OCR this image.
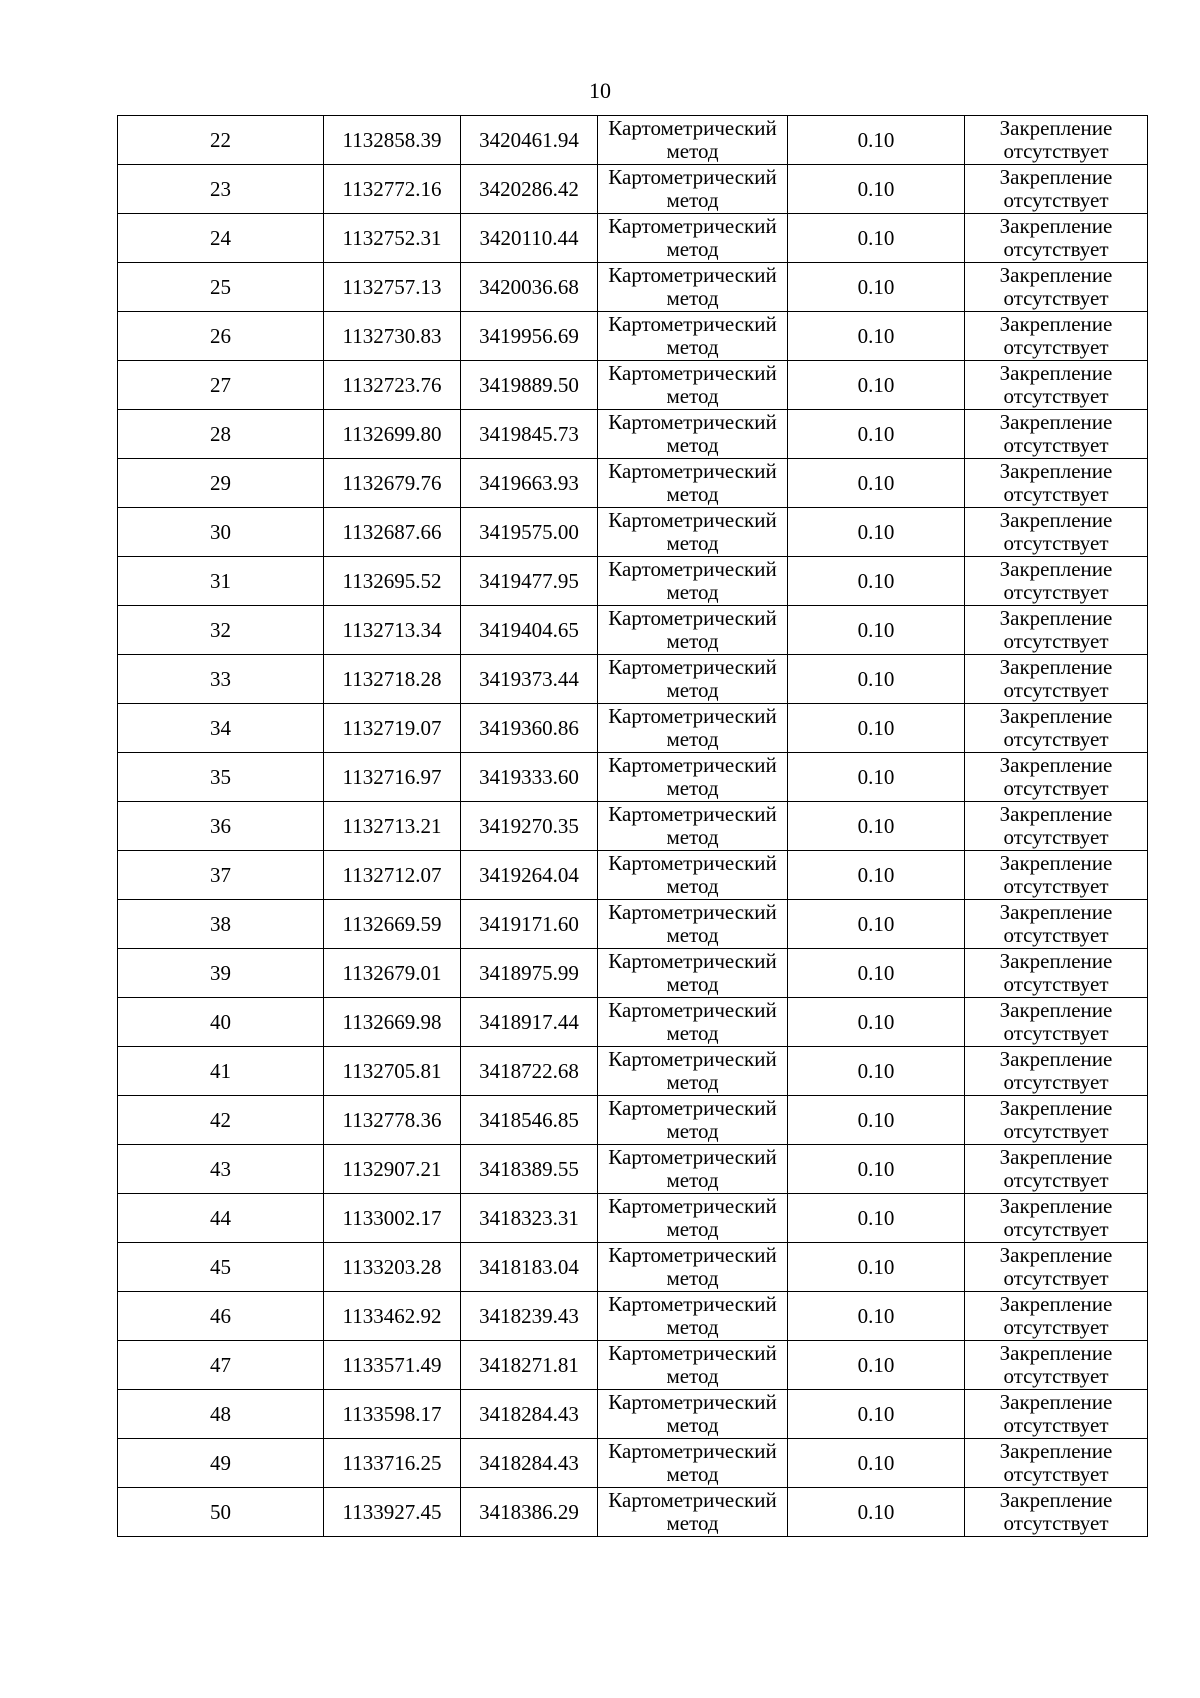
10
22	1132858.39	3420461.94	Картометрический
метод	0.10	Закрепление
отсутствует

23	1132772.16	3420286.42	Картометрический
метод	0.10	Закрепление
отсутствует

24	1132752.31	3420110.44	Картометрический
метод	0.10	Закрепление
отсутствует

25	1132757.13	3420036.68	Картометрический
метод	0.10	Закрепление
отсутствует

26	1132730.83	3419956.69	Картометрический
метод	0.10	Закрепление
отсутствует

27	1132723.76	3419889.50	Картометрический
метод	0.10	Закрепление
отсутствует

28	1132699.80	3419845.73	Картометрический
метод	0.10	Закрепление
отсутствует

29	1132679.76	3419663.93	Картометрический
метод	0.10	Закрепление
отсутствует

30	1132687.66	3419575.00	Картометрический
метод	0.10	Закрепление
отсутствует

31	1132695.52	3419477.95	Картометрический
метод	0.10	Закрепление
отсутствует

32	1132713.34	3419404.65	Картометрический
метод	0.10	Закрепление
отсутствует

33	1132718.28	3419373.44	Картометрический
метод	0.10	Закрепление
отсутствует

34	1132719.07	3419360.86	Картометрический
метод	0.10	Закрепление
отсутствует

35	1132716.97	3419333.60	Картометрический
метод	0.10	Закрепление
отсутствует

36	1132713.21	3419270.35	Картометрический
метод	0.10	Закрепление
отсутствует

37	1132712.07	3419264.04	Картометрический
метод	0.10	Закрепление
отсутствует

38	1132669.59	3419171.60	Картометрический
метод	0.10	Закрепление
отсутствует

39	1132679.01	3418975.99	Картометрический
метод	0.10	Закрепление
отсутствует

40	1132669.98	3418917.44	Картометрический
метод	0.10	Закрепление
отсутствует

41	1132705.81	3418722.68	Картометрический
метод	0.10	Закрепление
отсутствует

42	1132778.36	3418546.85	Картометрический
метод	0.10	Закрепление
отсутствует

43	1132907.21	3418389.55	Картометрический
метод	0.10	Закрепление
отсутствует

44	1133002.17	3418323.31	Картометрический
метод	0.10	Закрепление
отсутствует

45	1133203.28	3418183.04	Картометрический
метод	0.10	Закрепление
отсутствует

46	1133462.92	3418239.43	Картометрический
метод	0.10	Закрепление
отсутствует

47	1133571.49	3418271.81	Картометрический
метод	0.10	Закрепление
отсутствует

48	1133598.17	3418284.43	Картометрический
метод	0.10	Закрепление
отсутствует

49	1133716.25	3418284.43	Картометрический
метод	0.10	Закрепление
отсутствует

50	1133927.45	3418386.29	Картометрический
метод	0.10	Закрепление
отсутствует
